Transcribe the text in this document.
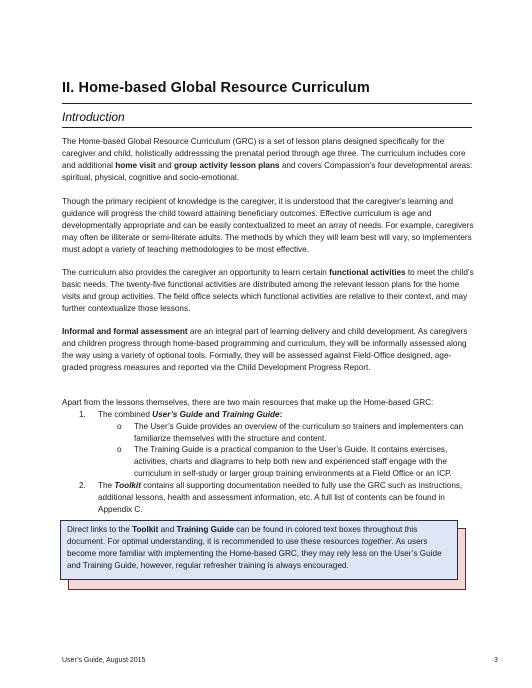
II. Home-based Global Resource Curriculum
Introduction

The Home-based Global Resource Curriculum (GRC) is a set of lesson plans designed specifically for the caregiver and child, holistically addresssing the prenatal period through age three. The curriculum includes core and additional home visit and group activity lesson plans and covers Compassion’s four developmental areas: spiritual, physical, cognitive and socio-emotional.

Though the primary recipient of knowledge is the caregiver, it is understood that the caregiver’s learning and guidance will progress the child toward attaining beneficiary outcomes. Effective curriculum is age and developmentally appropriate and can be easily contextualized to meet an array of needs. For example, caregivers may often be illiterate or semi-literate adults. The methods by which they will learn best will vary, so implementers must adopt a variety of teaching methodologies to be most effective.

The curriculum also provides the caregiver an opportunity to learn certain functional activities to meet the child’s basic needs. The twenty-five functional activities are distributed among the relevant lesson plans for the home visits and group activities. The field office selects which functional activities are relative to their context, and may further contextualize those lessons.

Informal and formal assessment are an integral part of learning delivery and child development. As caregivers and children progress through home-based programming and curriculum, they will be informally assessed along the way using a variety of optional tools. Formally, they will be assessed against Field-Office designed, age-graded progress measures and reported via the Child Development Progress Report.

Apart from the lessons themselves, there are two main resources that make up the Home-based GRC:

1. The combined User’s Guide and Training Guide:
o The User’s Guide provides an overview of the curriculum so trainers and implementers can familiarize themselves with the structure and content.
o The Training Guide is a practical companion to the User’s Guide. It contains exercises, activities, charts and diagrams to help both new and experienced staff engage with the curriculum in self-study or larger group training environments at a Field Office or an ICP.
2. The Toolkit contains all supporting documentation needed to fully use the GRC such as instructions, additional lessons, health and assessment information, etc. A full list of contents can be found in Appendix C.
Direct links to the Toolkit and Training Guide can be found in colored text boxes throughout this document. For optimal understanding, it is recommended to use these resources together. As users become more familiar with implementing the Home-based GRC, they may rely less on the User’s Guide and Training Guide, however, regular refresher training is always encouraged.
User’s Guide, August 2015	3
